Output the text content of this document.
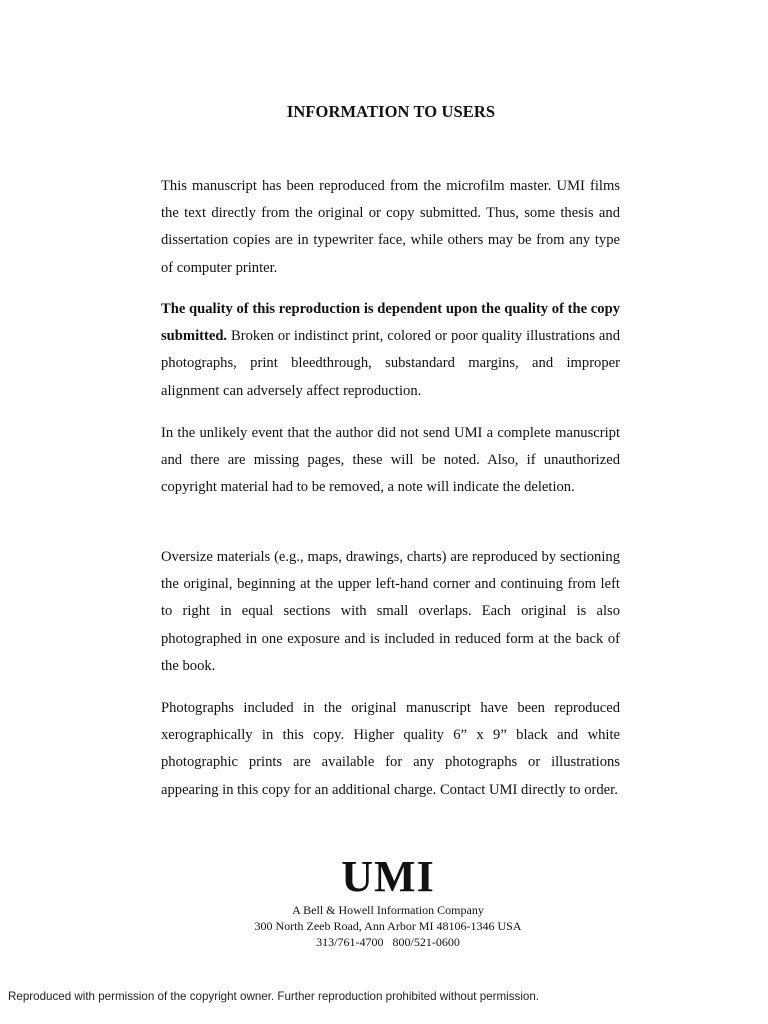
INFORMATION TO USERS

This manuscript has been reproduced from the microfilm master. UMI films the text directly from the original or copy submitted. Thus, some thesis and dissertation copies are in typewriter face, while others may be from any type of computer printer.

The quality of this reproduction is dependent upon the quality of the copy submitted. Broken or indistinct print, colored or poor quality illustrations and photographs, print bleedthrough, substandard margins, and improper alignment can adversely affect reproduction.

In the unlikely event that the author did not send UMI a complete manuscript and there are missing pages, these will be noted. Also, if unauthorized copyright material had to be removed, a note will indicate the deletion.

Oversize materials (e.g., maps, drawings, charts) are reproduced by sectioning the original, beginning at the upper left-hand corner and continuing from left to right in equal sections with small overlaps. Each original is also photographed in one exposure and is included in reduced form at the back of the book.

Photographs included in the original manuscript have been reproduced xerographically in this copy. Higher quality 6” x 9” black and white photographic prints are available for any photographs or illustrations appearing in this copy for an additional charge. Contact UMI directly to order.

UMI
A Bell & Howell Information Company
300 North Zeeb Road, Ann Arbor MI 48106-1346 USA
313/761-4700   800/521-0600
Reproduced with permission of the copyright owner. Further reproduction prohibited without permission.
